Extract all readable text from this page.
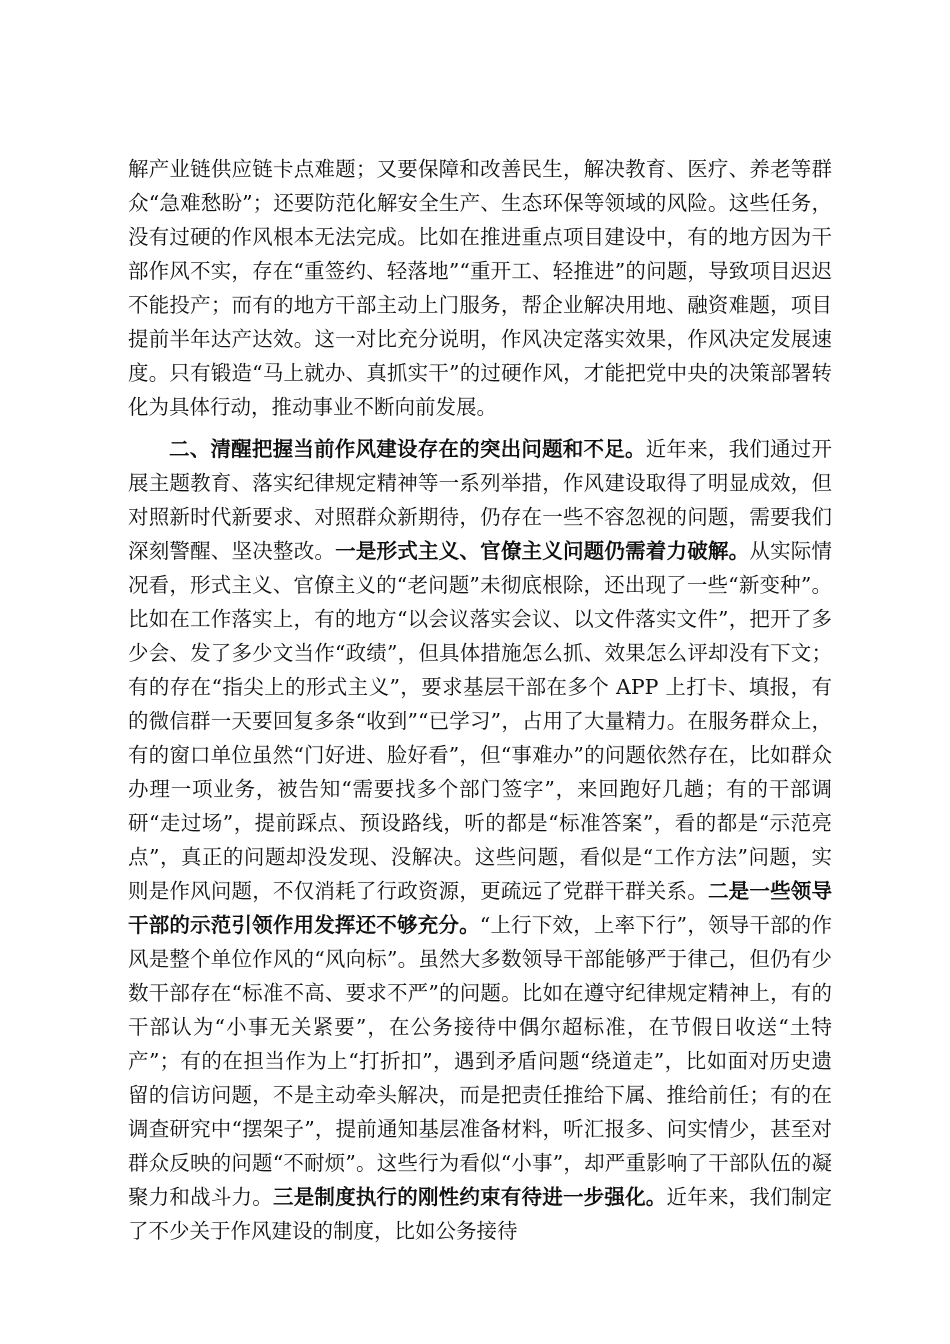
解产业链供应链卡点难题；又要保障和改善民生，解决教育、医疗、养老等群众“急难愁盼”；还要防范化解安全生产、生态环保等领域的风险。这些任务，没有过硬的作风根本无法完成。比如在推进重点项目建设中，有的地方因为干部作风不实，存在“重签约、轻落地”“重开工、轻推进”的问题，导致项目迟迟不能投产；而有的地方干部主动上门服务，帮企业解决用地、融资难题，项目提前半年达产达效。这一对比充分说明，作风决定落实效果，作风决定发展速度。只有锻造“马上就办、真抓实干”的过硬作风，才能把党中央的决策部署转化为具体行动，推动事业不断向前发展。

二、清醒把握当前作风建设存在的突出问题和不足。近年来，我们通过开展主题教育、落实纪律规定精神等一系列举措，作风建设取得了明显成效，但对照新时代新要求、对照群众新期待，仍存在一些不容忽视的问题，需要我们深刻警醒、坚决整改。一是形式主义、官僚主义问题仍需着力破解。从实际情况看，形式主义、官僚主义的“老问题”未彻底根除，还出现了一些“新变种”。比如在工作落实上，有的地方“以会议落实会议、以文件落实文件”，把开了多少会、发了多少文当作“政绩”，但具体措施怎么抓、效果怎么评却没有下文；有的存在“指尖上的形式主义”，要求基层干部在多个 APP 上打卡、填报，有的微信群一天要回复多条“收到”“已学习”，占用了大量精力。在服务群众上，有的窗口单位虽然“门好进、脸好看”，但“事难办”的问题依然存在，比如群众办理一项业务，被告知“需要找多个部门签字”，来回跑好几趟；有的干部调研“走过场”，提前踩点、预设路线，听的都是“标准答案”，看的都是“示范亮点”，真正的问题却没发现、没解决。这些问题，看似是“工作方法”问题，实则是作风问题，不仅消耗了行政资源，更疏远了党群干群关系。二是一些领导干部的示范引领作用发挥还不够充分。“上行下效，上率下行”，领导干部的作风是整个单位作风的“风向标”。虽然大多数领导干部能够严于律己，但仍有少数干部存在“标准不高、要求不严”的问题。比如在遵守纪律规定精神上，有的干部认为“小事无关紧要”，在公务接待中偶尔超标准，在节假日收送“土特产”；有的在担当作为上“打折扣”，遇到矛盾问题“绕道走”，比如面对历史遗留的信访问题，不是主动牵头解决，而是把责任推给下属、推给前任；有的在调查研究中“摆架子”，提前通知基层准备材料，听汇报多、问实情少，甚至对群众反映的问题“不耐烦”。这些行为看似“小事”，却严重影响了干部队伍的凝聚力和战斗力。三是制度执行的刚性约束有待进一步强化。近年来，我们制定了不少关于作风建设的制度，比如公务接待
